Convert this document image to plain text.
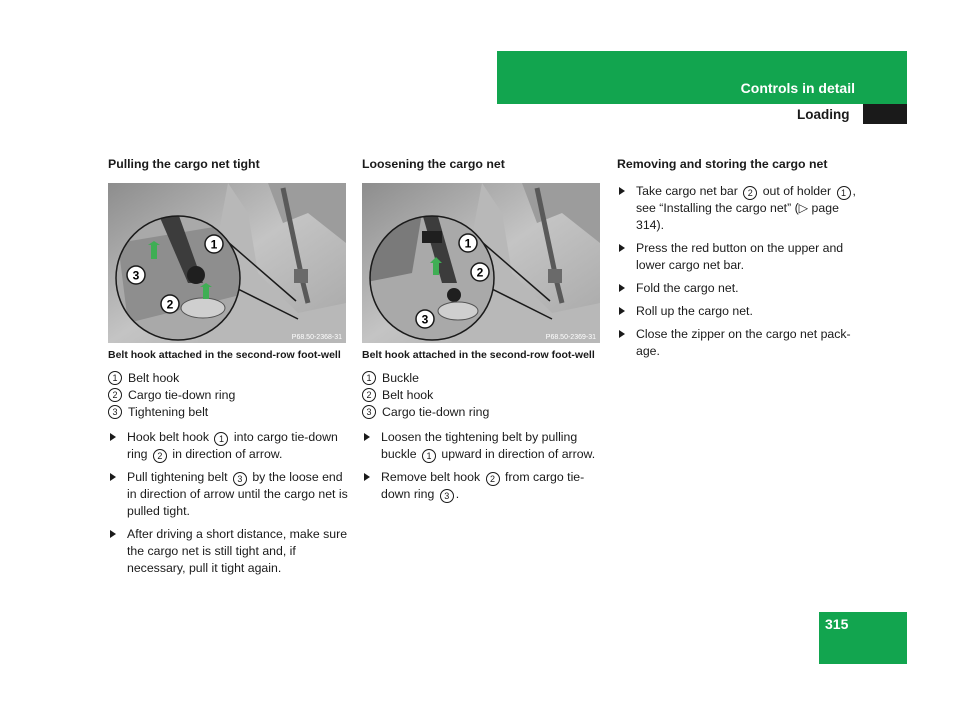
Controls in detail
Loading
Pulling the cargo net tight
1
2
3
P68.50-2368-31
Belt hook attached in the second-row foot-well
1 Belt hook
2 Cargo tie-down ring
3 Tightening belt
Hook belt hook 1 into cargo tie-down ring 2 in direction of arrow.
Pull tightening belt 3 by the loose end in direction of arrow until the cargo net is pulled tight.
After driving a short distance, make sure the cargo net is still tight and, if necessary, pull it tight again.
Loosening the cargo net
1
2
3
P68.50-2369-31
Belt hook attached in the second-row foot-well
1 Buckle
2 Belt hook
3 Cargo tie-down ring
Loosen the tightening belt by pulling buckle 1 upward in direction of arrow.
Remove belt hook 2 from cargo tie-down ring 3 .
Removing and storing the cargo net
Take cargo net bar 2 out of holder 1 , see “Installing the cargo net” (▷ page 314).
Press the red button on the upper and lower cargo net bar.
Fold the cargo net.
Roll up the cargo net.
Close the zipper on the cargo net pack-age.
315
